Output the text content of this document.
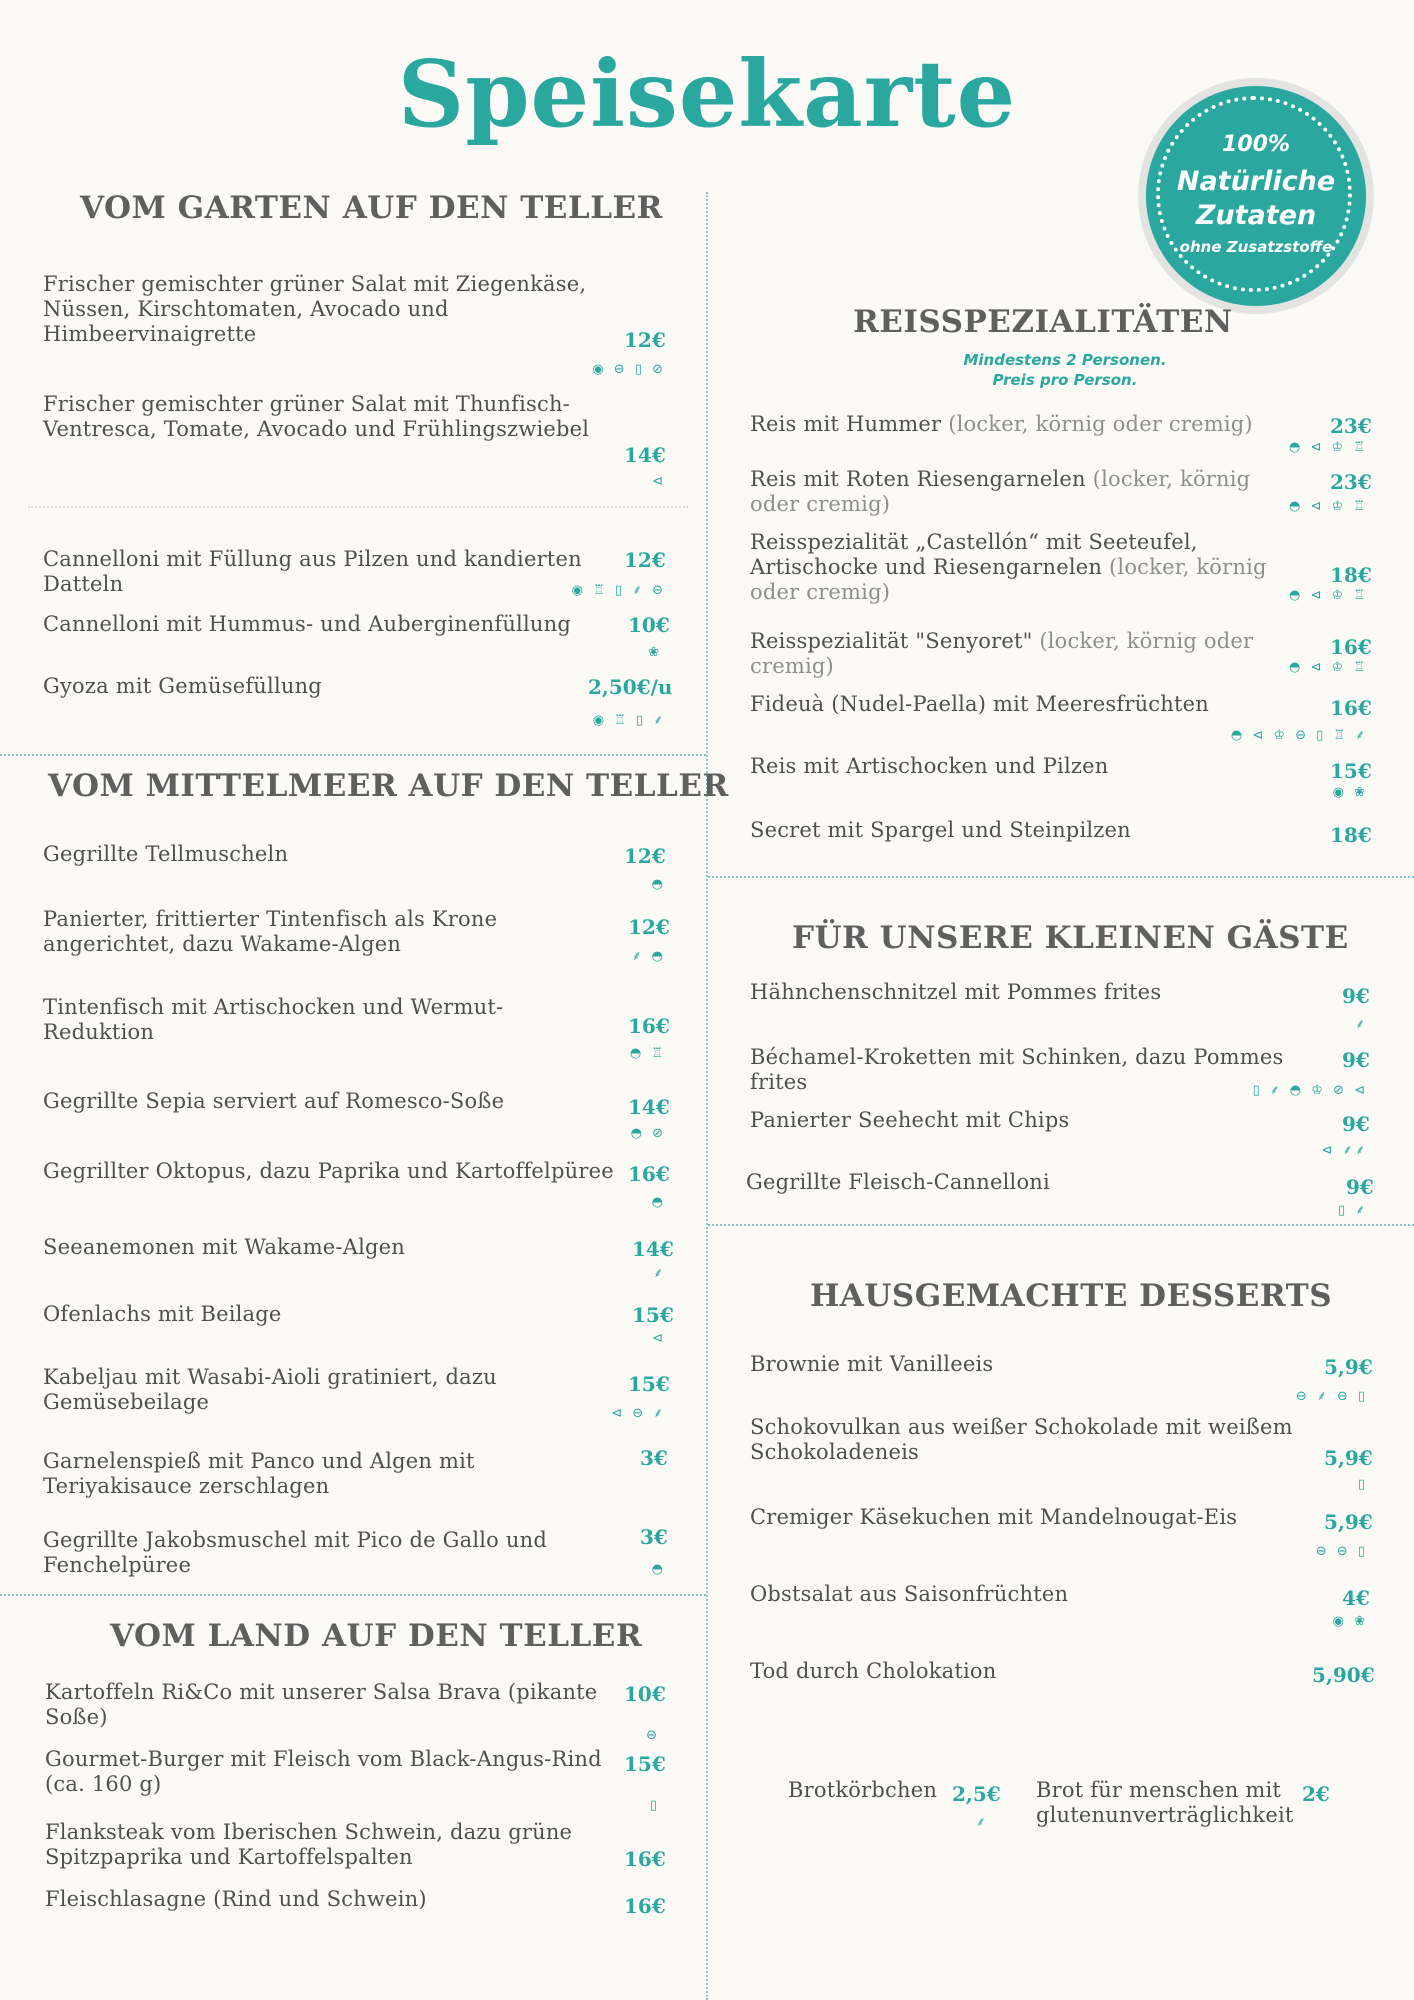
Speisekarte	100%
Natürliche
Zutaten
ohne Zusatzstoffe
VOM GARTEN AUF DEN TELLER
Frischer gemischter grüner Salat mit Ziegenkäse, Nüssen, Kirschtomaten, Avocado und Himbeervinaigrette	12€
◉ ⊖ ▯ ⊘
Frischer gemischter grüner Salat mit Thunfisch-Ventresca, Tomate, Avocado und Frühlingszwiebel
14€
⊲
Cannelloni mit Füllung aus Pilzen und kandierten Datteln
12€
◉ ♖ ▯ ⸙ ⊖
Cannelloni mit Hummus- und Auberginenfüllung	10€
❀
Gyoza mit Gemüsefüllung	2,50€/u
◉ ♖ ▯ ⸙
VOM MITTELMEER AUF DEN TELLER
Gegrillte Tellmuscheln	12€
◓
Panierter, frittierter Tintenfisch als Krone angerichtet, dazu Wakame-Algen
12€
⸙ ◓
Tintenfisch mit Artischocken und Wermut-Reduktion	16€
◓ ♖
Gegrillte Sepia serviert auf Romesco-Soße	14€
◓ ⊘
Gegrillter Oktopus, dazu Paprika und Kartoffelpüree 16€
◓
Seeanemonen mit Wakame-Algen	14€
⸙
Ofenlachs mit Beilage	15€
⊲
Kabeljau mit Wasabi-Aioli gratiniert, dazu Gemüsebeilage
15€
⊲ ⊖ ⸙
Garnelenspieß mit Panco und Algen mit Teriyakisauce zerschlagen
3€
Gegrillte Jakobsmuschel mit Pico de Gallo und Fenchelpüree
3€
◓
VOM LAND AUF DEN TELLER
Kartoffeln Ri&Co mit unserer Salsa Brava (pikante Soße)
10€
⊖
Gourmet-Burger mit Fleisch vom Black-Angus-Rind (ca. 160 g)
15€
▯
Flanksteak vom Iberischen Schwein, dazu grüne Spitzpaprika und Kartoffelspalten	16€
Fleischlasagne (Rind und Schwein)	16€
REISSPEZIALITÄTEN
Mindestens 2 Personen.
Preis pro Person.
Reis mit Hummer (locker, körnig oder cremig)	23€
◓ ⊲ ♔ ♖
Reis mit Roten Riesengarnelen (locker, körnig oder cremig)
23€
◓ ⊲ ♔ ♖
Reisspezialität „Castellón“ mit Seeteufel, Artischocke und Riesengarnelen (locker, körnig oder cremig)
18€
◓ ⊲ ♔ ♖
Reisspezialität "Senyoret" (locker, körnig oder cremig)
16€
◓ ⊲ ♔ ♖
Fideuà (Nudel-Paella) mit Meeresfrüchten	16€
◓ ⊲ ♔ ⊖ ▯ ♖ ⸙
Reis mit Artischocken und Pilzen	15€
◉ ❀
Secret mit Spargel und Steinpilzen	18€
FÜR UNSERE KLEINEN GÄSTE
Hähnchenschnitzel mit Pommes frites	9€
⸙
Béchamel-Kroketten mit Schinken, dazu Pommes frites
9€
▯ ⸙ ◓ ♔ ⊘ ⊲
Panierter Seehecht mit Chips	9€
⊲ ⸙⸙
Gegrillte Fleisch-Cannelloni	9€
▯ ⸙
HAUSGEMACHTE DESSERTS
Brownie mit Vanilleeis	5,9€
⊖ ⸙ ⊖ ▯
Schokovulkan aus weißer Schokolade mit weißem Schokoladeneis	5,9€
▯
Cremiger Käsekuchen mit Mandelnougat-Eis	5,9€
⊖ ⊖ ▯
Obstsalat aus Saisonfrüchten	4€
◉ ❀
Tod durch Cholokation	5,90€
Brotkörbchen 2,5€
⸙
Brot für menschen mit glutenunverträglichkeit
2€
